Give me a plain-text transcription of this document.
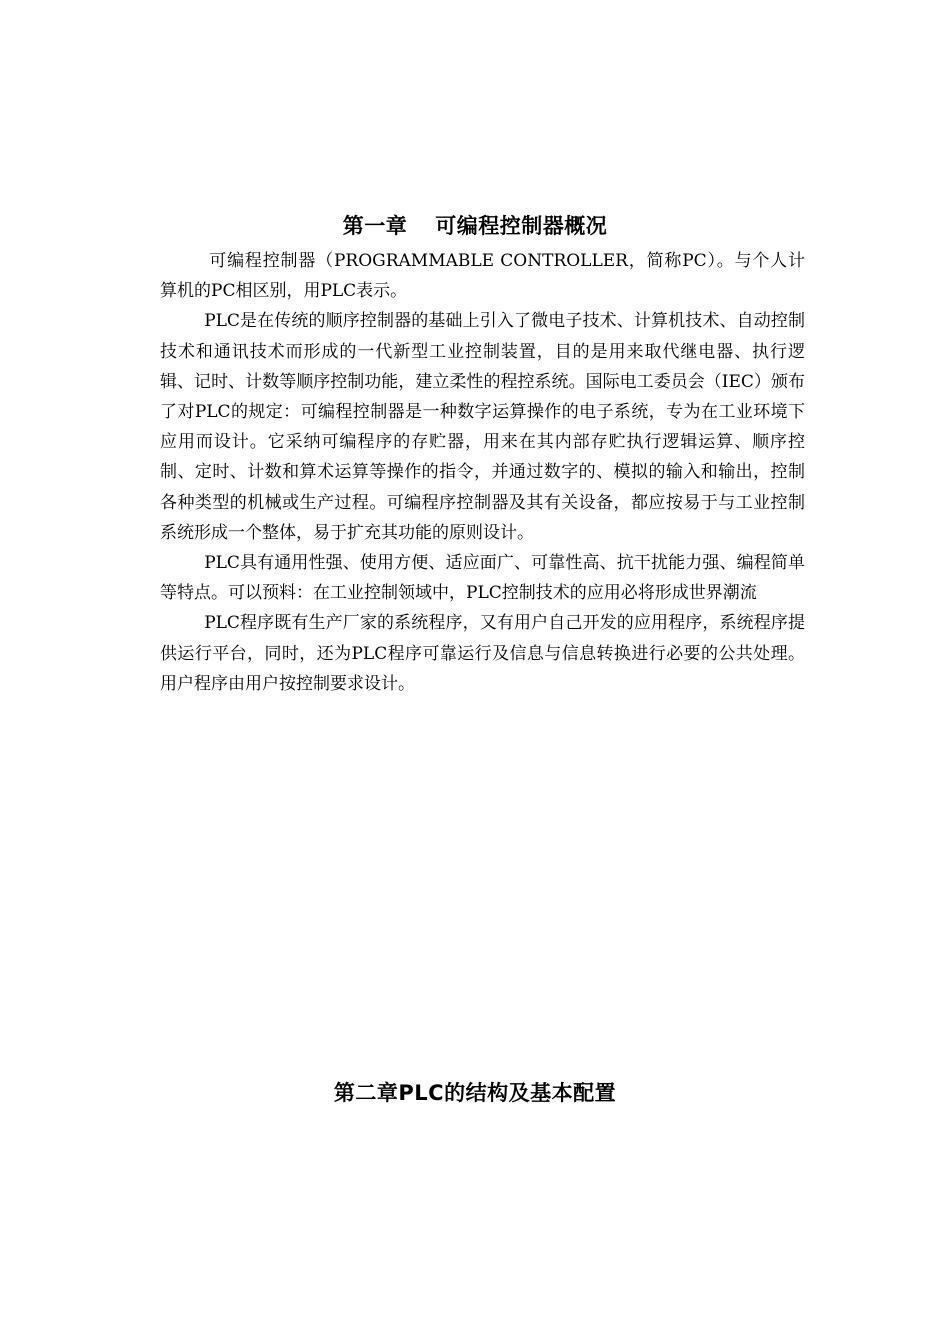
第一章 可编程控制器概况

可编程控制器（PROGRAMMABLE CONTROLLER，简称PC）。与个人计算机的PC相区别，用PLC表示。

PLC是在传统的顺序控制器的基础上引入了微电子技术、计算机技术、自动控制技术和通讯技术而形成的一代新型工业控制装置，目的是用来取代继电器、执行逻辑、记时、计数等顺序控制功能，建立柔性的程控系统。国际电工委员会（IEC）颁布了对PLC的规定：可编程控制器是一种数字运算操作的电子系统，专为在工业环境下应用而设计。它采纳可编程序的存贮器，用来在其内部存贮执行逻辑运算、顺序控制、定时、计数和算术运算等操作的指令，并通过数字的、模拟的输入和输出，控制各种类型的机械或生产过程。可编程序控制器及其有关设备，都应按易于与工业控制系统形成一个整体，易于扩充其功能的原则设计。

PLC具有通用性强、使用方便、适应面广、可靠性高、抗干扰能力强、编程简单等特点。可以预料：在工业控制领域中，PLC控制技术的应用必将形成世界潮流

PLC程序既有生产厂家的系统程序，又有用户自己开发的应用程序，系统程序提供运行平台，同时，还为PLC程序可靠运行及信息与信息转换进行必要的公共处理。用户程序由用户按控制要求设计。

第二章PLC的结构及基本配置
